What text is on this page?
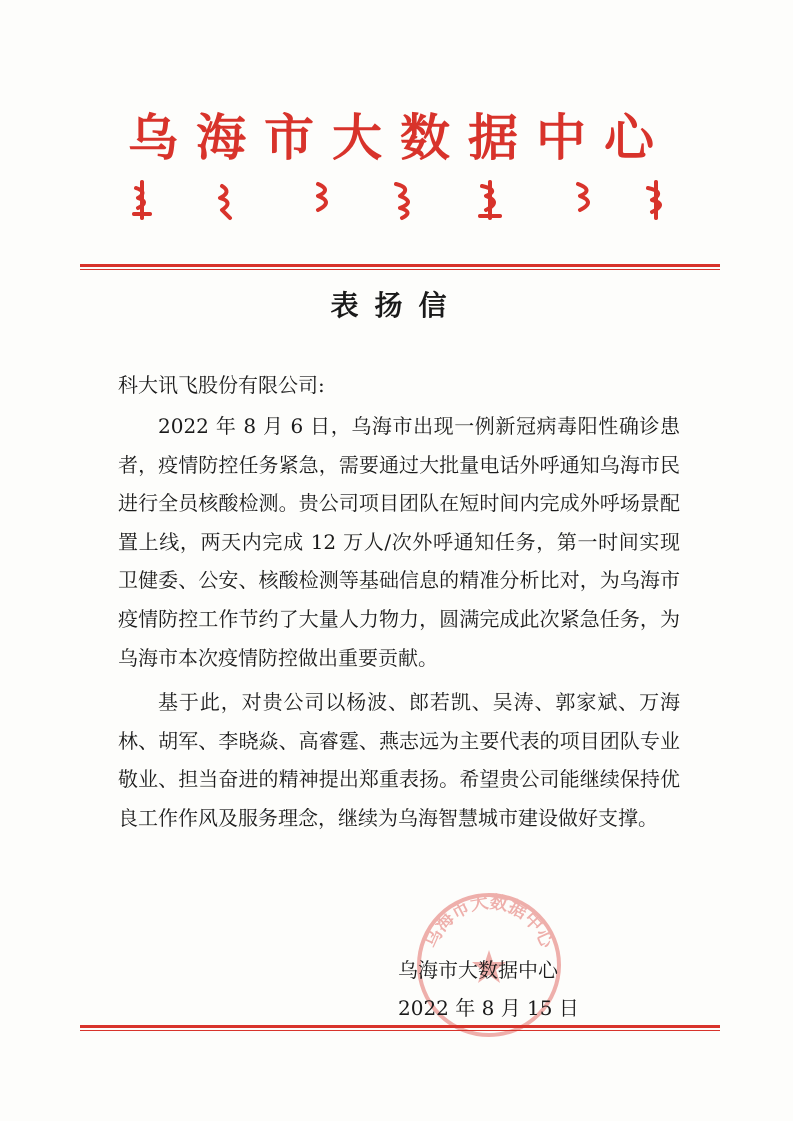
乌海市大数据中心
表扬信
科大讯飞股份有限公司:

2022 年 8 月 6 日，乌海市出现一例新冠病毒阳性确诊患者，疫情防控任务紧急，需要通过大批量电话外呼通知乌海市民进行全员核酸检测。贵公司项目团队在短时间内完成外呼场景配置上线，两天内完成 12 万人/次外呼通知任务，第一时间实现卫健委、公安、核酸检测等基础信息的精准分析比对，为乌海市疫情防控工作节约了大量人力物力，圆满完成此次紧急任务，为乌海市本次疫情防控做出重要贡献。

基于此，对贵公司以杨波、郎若凯、吴涛、郭家斌、万海林、胡军、李晓焱、高睿霆、燕志远为主要代表的项目团队专业敬业、担当奋进的精神提出郑重表扬。希望贵公司能继续保持优良工作作风及服务理念，继续为乌海智慧城市建设做好支撑。

乌海市大数据中心
乌海市大数据中心
2022 年 8 月 15 日
